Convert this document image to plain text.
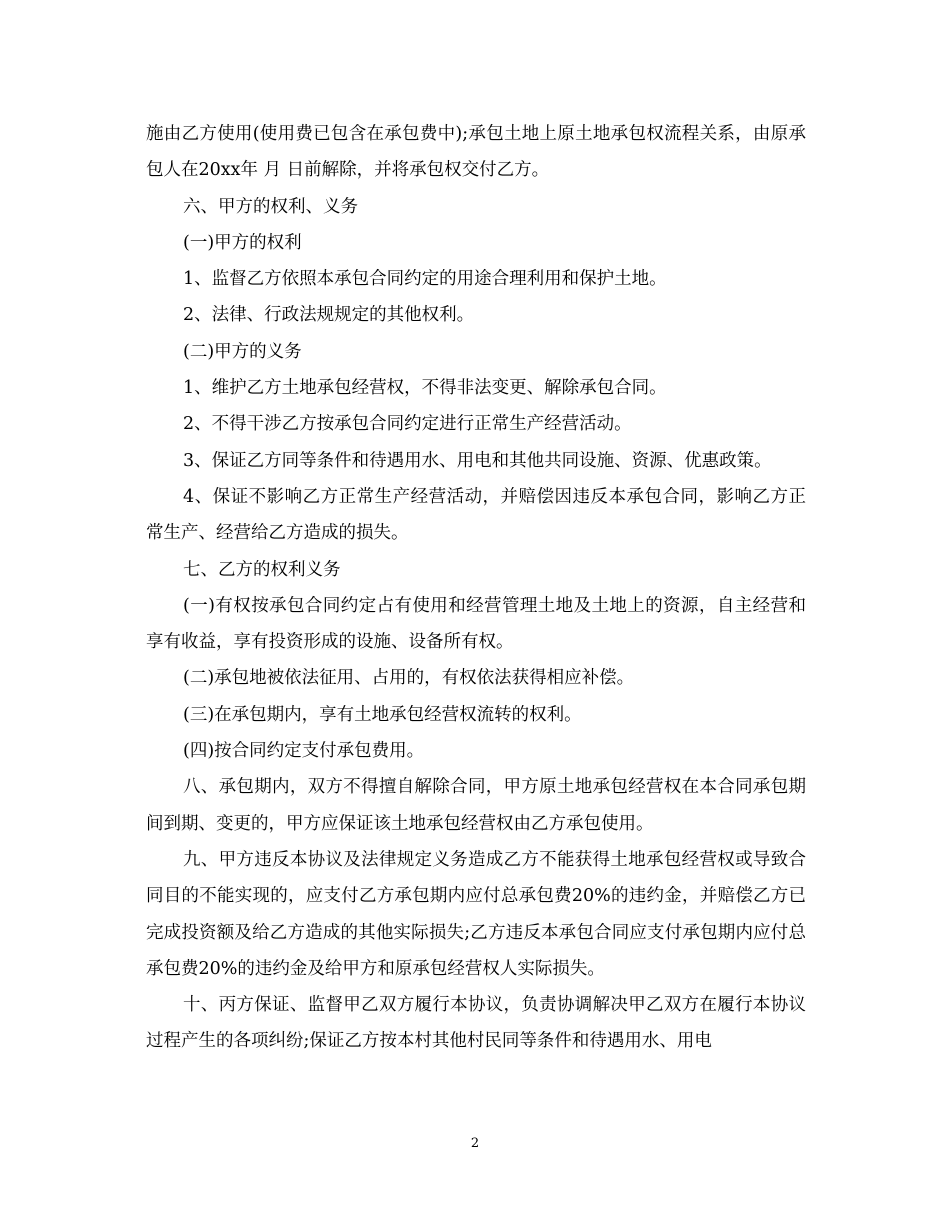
施由乙方使用(使用费已包含在承包费中);承包土地上原土地承包权流程关系，由原承包人在20xx年 月 日前解除，并将承包权交付乙方。

六、甲方的权利、义务

(一)甲方的权利

1、监督乙方依照本承包合同约定的用途合理利用和保护土地。

2、法律、行政法规规定的其他权利。

(二)甲方的义务

1、维护乙方土地承包经营权，不得非法变更、解除承包合同。

2、不得干涉乙方按承包合同约定进行正常生产经营活动。

3、保证乙方同等条件和待遇用水、用电和其他共同设施、资源、优惠政策。

4、保证不影响乙方正常生产经营活动，并赔偿因违反本承包合同，影响乙方正常生产、经营给乙方造成的损失。

七、乙方的权利义务

(一)有权按承包合同约定占有使用和经营管理土地及土地上的资源，自主经营和享有收益，享有投资形成的设施、设备所有权。

(二)承包地被依法征用、占用的，有权依法获得相应补偿。

(三)在承包期内，享有土地承包经营权流转的权利。

(四)按合同约定支付承包费用。

八、承包期内，双方不得擅自解除合同，甲方原土地承包经营权在本合同承包期间到期、变更的，甲方应保证该土地承包经营权由乙方承包使用。

九、甲方违反本协议及法律规定义务造成乙方不能获得土地承包经营权或导致合同目的不能实现的，应支付乙方承包期内应付总承包费20%的违约金，并赔偿乙方已完成投资额及给乙方造成的其他实际损失;乙方违反本承包合同应支付承包期内应付总承包费20%的违约金及给甲方和原承包经营权人实际损失。

十、丙方保证、监督甲乙双方履行本协议，负责协调解决甲乙双方在履行本协议过程产生的各项纠纷;保证乙方按本村其他村民同等条件和待遇用水、用电

2
